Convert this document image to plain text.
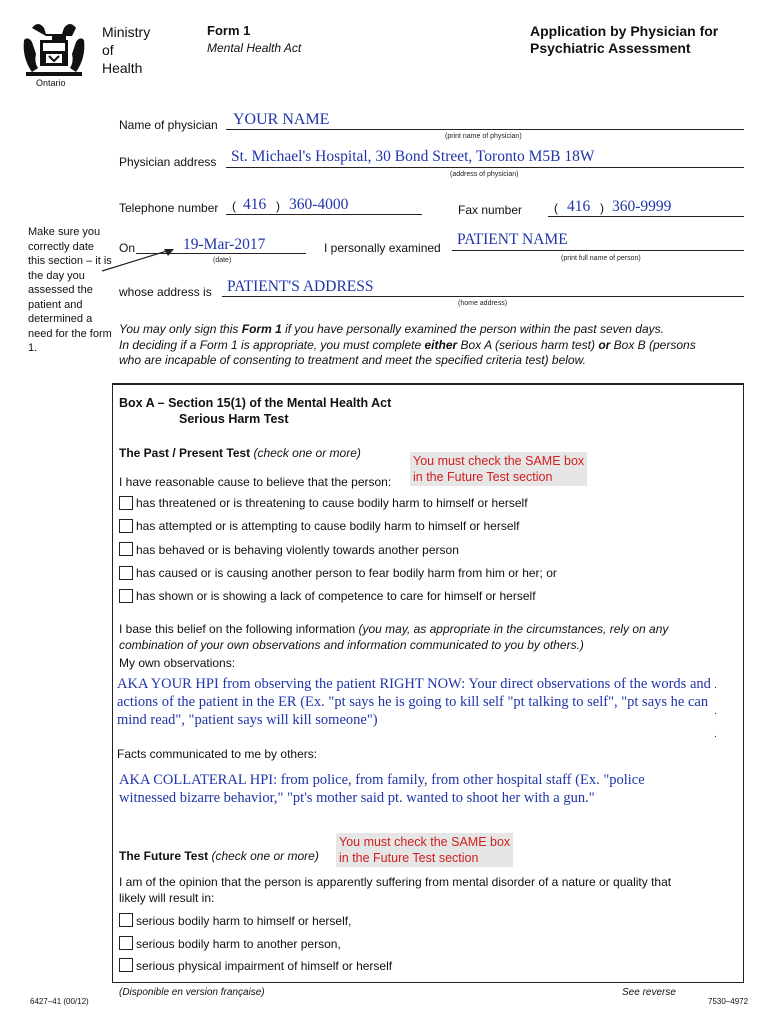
Ontario
Ministry
of
Health
Form 1
Mental Health Act
Application by Physician for
Psychiatric Assessment
Name of physician YOUR NAME
(print name of physician)
Physician address St. Michael's Hospital, 30 Bond Street, Toronto M5B 18W
(address of physician)
Telephone number ( 416 ) 360-4000	Fax number	( 416 ) 360-9999
Make sure you correctly date this section – it is the day you assessed the patient and determined a need for the form 1.
On	19-Mar-2017
(date)
I personally examined PATIENT NAME
(print full name of person)
whose address is PATIENT'S ADDRESS
(home address)
You may only sign this Form 1 if you have personally examined the person within the past seven days.
In deciding if a Form 1 is appropriate, you must complete either Box A (serious harm test) or Box B (persons
who are incapable of consenting to treatment and meet the specified criteria test) below.
Box A – Section 15(1) of the Mental Health Act
Serious Harm Test
The Past / Present Test (check one or more)
You must check the SAME box
in the Future Test section
I have reasonable cause to believe that the person:
has threatened or is threatening to cause bodily harm to himself or herself
has attempted or is attempting to cause bodily harm to himself or herself
has behaved or is behaving violently towards another person
has caused or is causing another person to fear bodily harm from him or her; or
has shown or is showing a lack of competence to care for himself or herself
I base this belief on the following information (you may, as appropriate in the circumstances, rely on any
combination of your own observations and information communicated to you by others.)
My own observations:
AKA YOUR HPI from observing the patient RIGHT NOW: Your direct observations of the words and actions of the patient in the ER (Ex. "pt says he is going to kill self "pt talking to self", "pt says he can mind read", "patient says will kill someone")
.
.
.
Facts communicated to me by others:
AKA COLLATERAL HPI: from police, from family, from other hospital staff (Ex. "police witnessed bizarre behavior," "pt's mother said pt. wanted to shoot her with a gun."
You must check the SAME box
in the Future Test section
The Future Test (check one or more)
I am of the opinion that the person is apparently suffering from mental disorder of a nature or quality that
likely will result in:
serious bodily harm to himself or herself,
serious bodily harm to another person,
serious physical impairment of himself or herself
6427–41 (00/12)
(Disponible en version française)	See reverse
7530–4972
